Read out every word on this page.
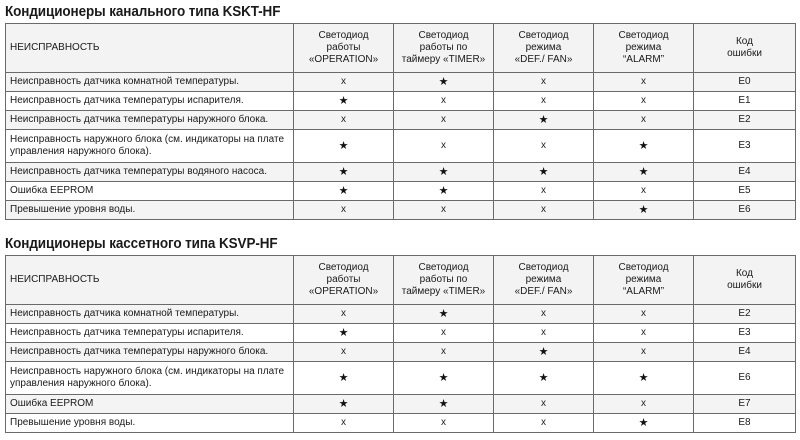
Кондиционеры канального типа KSKT-HF
НЕИСПРАВНОСТЬ	Светодиод
работы
«OPERATION»	Светодиод
работы по
таймеру «TIMER»	Светодиод
режима
«DEF./ FAN»	Светодиод
режима
“ALARM”	Код
ошибки

Неисправность датчика комнатной температуры.	x	★	x	x	E0
Неисправность датчика температуры испарителя.	★	x	x	x	E1
Неисправность датчика температуры наружного блока.	x	x	★	x	E2
Неисправность наружного блока (см. индикаторы на плате управления наружного блока).	★	x	x	★	E3
Неисправность датчика температуры водяного насоса.	★	★	★	★	E4
Ошибка EEPROM	★	★	x	x	E5
Превышение уровня воды.	x	x	x	★	E6
Кондиционеры кассетного типа KSVP-HF
НЕИСПРАВНОСТЬ	Светодиод
работы
«OPERATION»	Светодиод
работы по
таймеру «TIMER»	Светодиод
режима
«DEF./ FAN»	Светодиод
режима
“ALARM”	Код
ошибки

Неисправность датчика комнатной температуры.	x	★	x	x	E2
Неисправность датчика температуры испарителя.	★	x	x	x	E3
Неисправность датчика температуры наружного блока.	x	x	★	x	E4
Неисправность наружного блока (см. индикаторы на плате управления наружного блока).	★	★	★	★	E6
Ошибка EEPROM	★	★	x	x	E7
Превышение уровня воды.	x	x	x	★	E8
